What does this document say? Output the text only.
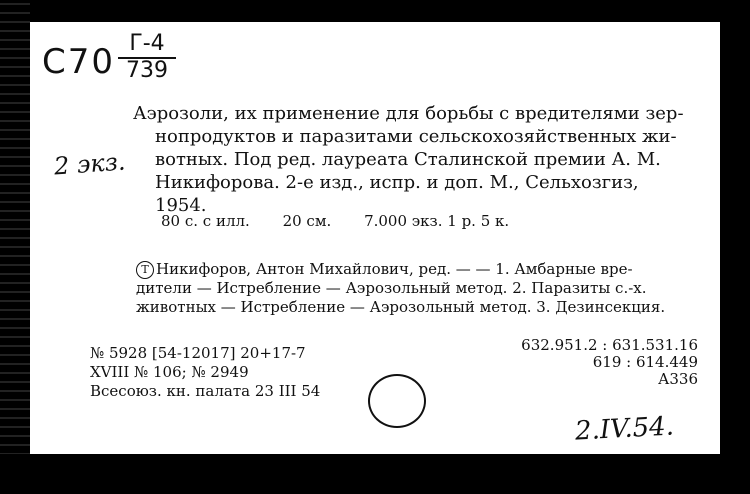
С70 Г-4
739
2 экз.
Аэрозоли, их применение для борьбы с вредителями зер-
нопродуктов и паразитами сельскохозяйственных жи-
вотных. Под ред. лауреата Сталинской премии А. М.
Никифорова. 2-е изд., испр. и доп. М., Сельхозгиз,
1954.
80 с. с илл. 20 см. 7.000 экз. 1 р. 5 к.
Т Никифоров, Антон Михайлович, ред. — — 1. Амбарные вре-
дители — Истребление — Аэрозольный метод. 2. Паразиты с.-х.
животных — Истребление — Аэрозольный метод. 3. Дезинсекция.
№ 5928 [54-12017] 20+17-7
XVIII № 106; № 2949
Всесоюз. кн. палата 23 III 54
632.951.2 : 631.531.16
619 : 614.449
А336
2.IV.54.
